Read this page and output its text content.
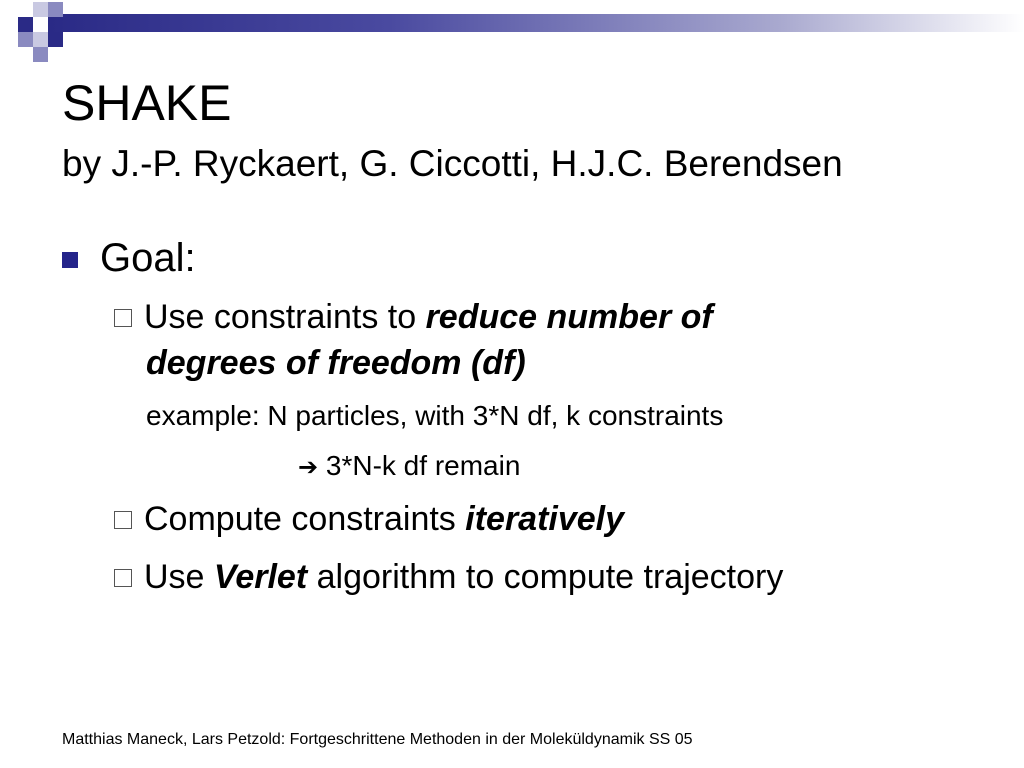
SHAKE
by J.-P. Ryckaert, G. Ciccotti, H.J.C. Berendsen
Goal:
Use constraints to reduce number of
degrees of freedom (df)
example: N particles, with 3*N df, k constraints
➔ 3*N-k df remain
Compute constraints iteratively
Use Verlet algorithm to compute trajectory
Matthias Maneck, Lars Petzold: Fortgeschrittene Methoden in der Moleküldynamik SS 05
